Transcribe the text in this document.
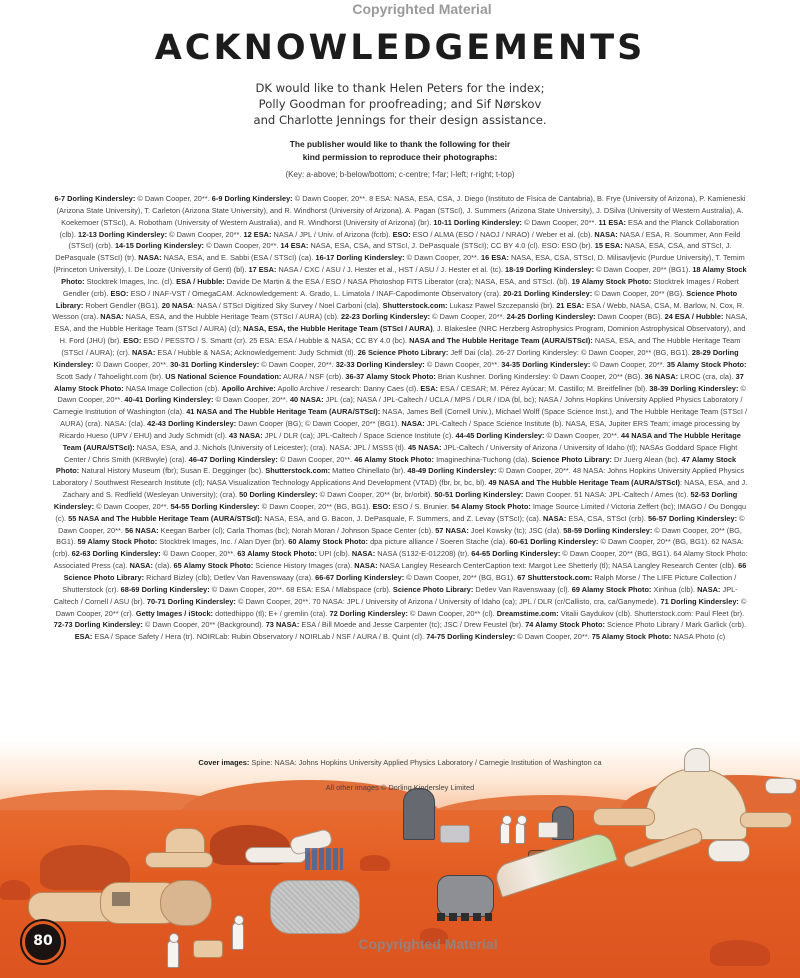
Copyrighted Material
ACKNOWLEDGEMENTS
DK would like to thank Helen Peters for the index;
Polly Goodman for proofreading; and Sif Nørskov
and Charlotte Jennings for their design assistance.
The publisher would like to thank the following for their
kind permission to reproduce their photographs:
(Key: a-above; b-below/bottom; c-centre; f-far; l-left; r-right; t-top)
6-7 Dorling Kindersley: © Dawn Cooper, 20**. 6-9 Dorling Kindersley: © Dawn Cooper, 20**. 8 ESA: NASA, ESA, CSA, J. Diego (Instituto de Fìsica de Cantabria), B. Frye (University of Arizona), P. Kamieneski (Arizona State University), T. Carleton (Arizona State University), and R. Windhorst (University of Arizona). A. Pagan (STScI), J. Summers (Arizona State University), J. DSilva (University of Western Australia), A. Koekemoer (STScI), A. Robotham (University of Western Australia), and R. Windhorst (University of Arizona) (br). 10-11 Dorling Kindersley: © Dawn Cooper, 20**. 11 ESA: ESA and the Planck Collaboration (clb). 12-13 Dorling Kindersley: © Dawn Cooper, 20**. 12 ESA: NASA / JPL / Univ. of Arizona (fcrb). ESO: ESO / ALMA (ESO / NAOJ / NRAO) / Weber et al. (cb). NASA: NASA / ESA, R. Soummer, Ann Feild (STScI) (crb). 14-15 Dorling Kindersley: © Dawn Cooper, 20**. 14 ESA: NASA, ESA, CSA, and STScI, J. DePasquale (STScI); CC BY 4.0 (cl). ESO: ESO (br). 15 ESA: NASA, ESA, CSA, and STScI, J. DePasquale (STScI) (tr). NASA: NASA, ESA, and E. Sabbi (ESA / STScI) (ca). 16-17 Dorling Kindersley: © Dawn Cooper, 20**. 16 ESA: NASA, ESA, CSA, STScI, D. Milisavljevic (Purdue University), T. Temim (Princeton University), I. De Looze (University of Gent) (bl). 17 ESA: NASA / CXC / ASU / J. Hester et al., HST / ASU / J. Hester et al. (tc). 18-19 Dorling Kindersley: © Dawn Cooper, 20** (BG1). 18 Alamy Stock Photo: Stocktrek Images, Inc. (cl). ESA / Hubble: Davide De Martin & the ESA / ESO / NASA Photoshop FITS Liberator (cra); NASA, ESA, and STScI. (bl). 19 Alamy Stock Photo: Stocktrek Images / Robert Gendler (crb). ESO: ESO / INAF-VST / OmegaCAM. Acknowledgement: A. Grado, L. Limatola / INAF-Capodimonte Observatory (cra). 20-21 Dorling Kindersley: © Dawn Cooper, 20** (BG). Science Photo Library: Robert Gendler (BG1). 20 NASA: NASA / STScI Digitized Sky Survey / Noel Carboni (cla). Shutterstock.com: Lukasz Pawel Szczepanski (br). 21 ESA: ESA / Webb, NASA, CSA, M. Barlow, N. Cox, R. Wesson (cra). NASA: NASA, ESA, and the Hubble Heritage Team (STScI / AURA) (cb). 22-23 Dorling Kindersley: © Dawn Cooper, 20**. 24-25 Dorling Kindersley: Dawn Cooper (BG). 24 ESA / Hubble: NASA, ESA, and the Hubble Heritage Team (STScI / AURA) (cl); NASA, ESA, the Hubble Heritage Team (STScI / AURA), J. Blakeslee (NRC Herzberg Astrophysics Program, Dominion Astrophysical Observatory), and H. Ford (JHU) (br). ESO: ESO / PESSTO / S. Smartt (cr). 25 ESA: ESA / Hubble & NASA; CC BY 4.0 (bc). NASA and The Hubble Heritage Team (AURA/STScI): NASA, ESA, and The Hubble Heritage Team (STScI / AURA); (cr). NASA: ESA / Hubble & NASA; Acknowledgement: Judy Schmidt (tl). 26 Science Photo Library: Jeff Dai (cla). 26-27 Dorling Kindersley: © Dawn Cooper, 20** (BG, BG1). 28-29 Dorling Kindersley: © Dawn Cooper, 20**. 30-31 Dorling Kindersley: © Dawn Cooper, 20**. 32-33 Dorling Kindersley: © Dawn Cooper, 20**. 34-35 Dorling Kindersley: © Dawn Cooper, 20**. 35 Alamy Stock Photo: Scott Sady / Tahoelight.com (br). US National Science Foundation: AURA / NSF (crb). 36-37 Alamy Stock Photo: Brian Kushner. Dorling Kindersley: © Dawn Cooper, 20** (BG). 36 NASA: LROC (cra, cla). 37 Alamy Stock Photo: NASA Image Collection (cb). Apollo Archive: Apollo Archive / research: Danny Caes (cl). ESA: ESA / CESAR; M. Pérez Ayúcar; M. Castillo; M. Breitfellner (bl). 38-39 Dorling Kindersley: © Dawn Cooper, 20**. 40-41 Dorling Kindersley: © Dawn Cooper, 20**. 40 NASA: JPL (ca); NASA / JPL-Caltech / UCLA / MPS / DLR / IDA (bl, bc); NASA / Johns Hopkins University Applied Physics Laboratory / Carnegie Institution of Washington (cla). 41 NASA and The Hubble Heritage Team (AURA/STScI): NASA, James Bell (Cornell Univ.), Michael Wolff (Space Science Inst.), and The Hubble Heritage Team (STScI / AURA) (cra). NASA: (cla). 42-43 Dorling Kindersley: Dawn Cooper (BG); © Dawn Cooper, 20** (BG1). NASA: JPL-Caltech / Space Science Institute (b). NASA, ESA, Jupiter ERS Team; image processing by Ricardo Hueso (UPV / EHU) and Judy Schmidt (cl). 43 NASA: JPL / DLR (ca); JPL-Caltech / Space Science Institute (c). 44-45 Dorling Kindersley: © Dawn Cooper, 20**. 44 NASA and The Hubble Heritage Team (AURA/STScI): NASA, ESA, and J. Nichols (University of Leicester); (cra). NASA: JPL / MSSS (tl). 45 NASA: JPL-Caltech / University of Arizona / University of Idaho (tl); NASAs Goddard Space Flight Center / Chris Smith (KRBwyle) (cra). 46-47 Dorling Kindersley: © Dawn Cooper, 20**. 46 Alamy Stock Photo: Imaginechina-Tuchong (cla). Science Photo Library: Dr Juerg Alean (bc). 47 Alamy Stock Photo: Natural History Museum (fbr); Susan E. Degginger (bc). Shutterstock.com: Matteo Chinellato (br). 48-49 Dorling Kindersley: © Dawn Cooper, 20**. 48 NASA: Johns Hopkins University Applied Physics Laboratory / Southwest Research Institute (cl); NASA Visualization Technology Applications And Development (VTAD) (fbr, br, bc, bl). 49 NASA and The Hubble Heritage Team (AURA/STScI): NASA, ESA, and J. Zachary and S. Redfield (Wesleyan University); (cra). 50 Dorling Kindersley: © Dawn Cooper, 20** (br, br/orbit). 50-51 Dorling Kindersley: Dawn Cooper. 51 NASA: JPL-Caltech / Ames (tc). 52-53 Dorling Kindersley: © Dawn Cooper, 20**. 54-55 Dorling Kindersley: © Dawn Cooper, 20** (BG, BG1). ESO: ESO / S. Brunier. 54 Alamy Stock Photo: Image Source Limited / Victoria Zeffert (bc); IMAGO / Ou Dongqu (c). 55 NASA and The Hubble Heritage Team (AURA/STScI): NASA, ESA, and G. Bacon, J. DePasquale, F. Summers, and Z. Levay (STScI); (ca). NASA: ESA, CSA, STScI (crb). 56-57 Dorling Kindersley: © Dawn Cooper, 20**. 56 NASA: Keegan Barber (cl); Carla Thomas (bc); Norah Moran / Johnson Space Center (cb). 57 NASA: Joel Kowsky (tc); JSC (cla). 58-59 Dorling Kindersley: © Dawn Cooper, 20** (BG, BG1). 59 Alamy Stock Photo: Stocktrek Images, Inc. / Alan Dyer (br). 60 Alamy Stock Photo: dpa picture alliance / Soeren Stache (cla). 60-61 Dorling Kindersley: © Dawn Cooper, 20** (BG, BG1). 62 NASA: (crb). 62-63 Dorling Kindersley: © Dawn Cooper, 20**. 63 Alamy Stock Photo: UPI (clb). NASA: NASA (S132-E-012208) (tr). 64-65 Dorling Kindersley: © Dawn Cooper, 20** (BG, BG1). 64 Alamy Stock Photo: Associated Press (ca). NASA: (cla). 65 Alamy Stock Photo: Science History Images (cra). NASA: NASA Langley Research CenterCaption text: Margot Lee Shetterly (tl); NASA Langley Research Center (clb). 66 Science Photo Library: Richard Bizley (clb); Detlev Van Ravenswaay (cra). 66-67 Dorling Kindersley: © Dawn Cooper, 20** (BG, BG1). 67 Shutterstock.com: Ralph Morse / The LIFE Picture Collection / Shutterstock (cr). 68-69 Dorling Kindersley: © Dawn Cooper, 20**. 68 ESA: ESA / Mlabspace (crb). Science Photo Library: Detlev Van Ravenswaay (cl). 69 Alamy Stock Photo: Xinhua (clb). NASA: JPL-Caltech / Cornell / ASU (br). 70-71 Dorling Kindersley: © Dawn Cooper, 20**. 70 NASA: JPL / University of Arizona / University of Idaho (ca); JPL / DLR (cr/Callisto, cra, ca/Ganymede). 71 Dorling Kindersley: © Dawn Cooper, 20** (cr). Getty Images / iStock: dottedhippo (tl); E+ / gremlin (cra). 72 Dorling Kindersley: © Dawn Cooper, 20** (cl). Dreamstime.com: Vitalii Gaydukov (clb). Shutterstock.com: Paul Fleet (br). 72-73 Dorling Kindersley: © Dawn Cooper, 20** (Background). 73 NASA: ESA / Bill Moede and Jesse Carpenter (tc); JSC / Drew Feustel (br). 74 Alamy Stock Photo: Science Photo Library / Mark Garlick (crb). ESA: ESA / Space Safety / Hera (tr). NOIRLab: Rubin Observatory / NOIRLab / NSF / AURA / B. Quint (cl). 74-75 Dorling Kindersley: © Dawn Cooper, 20**. 75 Alamy Stock Photo: NASA Photo (c)
Cover images: Spine: NASA: Johns Hopkins University Applied Physics Laboratory / Carnegie Institution of Washington ca
All other images © Dorling Kindersley Limited
80	Copyrighted Material
